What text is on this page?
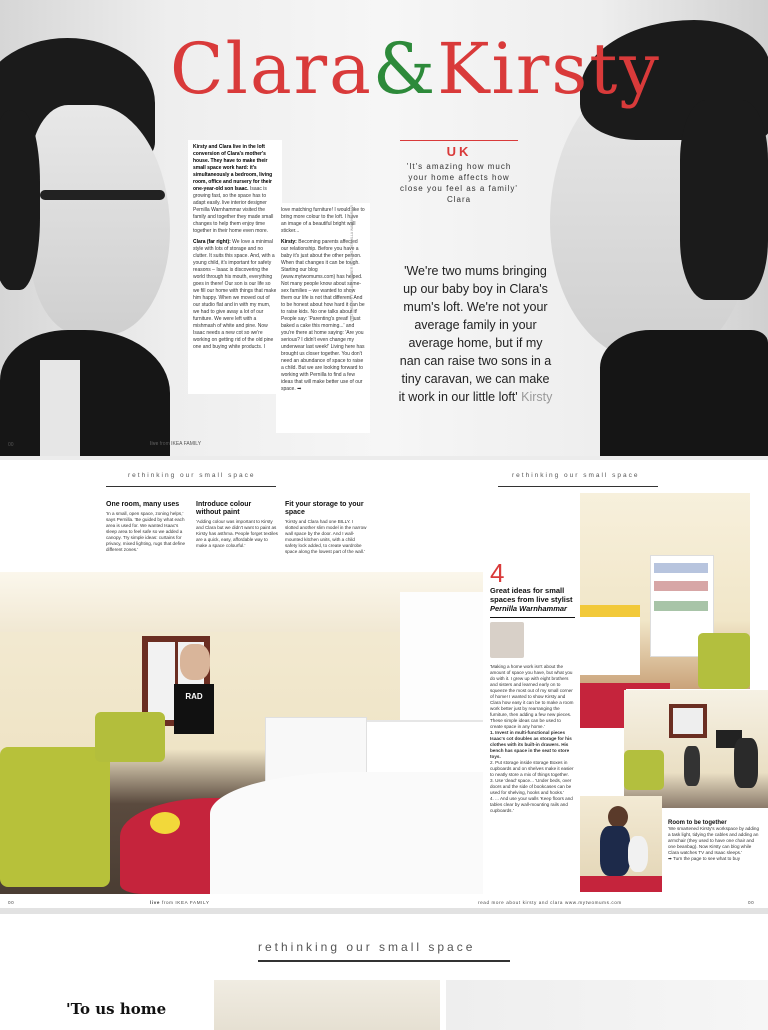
Clara&Kirsty
Kirsty and Clara live in the loft conversion of Clara's mother's house. They have to make their small space work hard: it's simultaneously a bedroom, living room, office and nursery for their one-year-old son Isaac. Isaac is growing fast, so the space has to adapt easily. live interior designer Pernilla Warnhammar visited the family and together they made small changes to help them enjoy time together in their home even more.
Clara (far right): We love a minimal style with lots of storage and no clutter. It suits this space. And, with a young child, it's important for safety reasons – Isaac is discovering the world through his mouth, everything goes in there! Our son is our life so we fill our home with things that make him happy. When we moved out of our studio flat and in with my mum, we had to give away a lot of our furniture. We were left with a mishmash of white and pine. Now Isaac needs a new cot so we're working on getting rid of the old pine one and buying white products. I
love matching furniture! I would like to bring more colour to the loft. I have an image of a beautiful bright wall sticker...
Kirsty: Becoming parents affected our relationship. Before you have a baby it's just about the other person. When that changes it can be tough. Starting our blog (www.mytwomums.com) has helped. Not many people know about same-sex families – we wanted to show them our life is not that different. And to be honest about how hard it can be to raise kids. No one talks about it! People say: 'Parenting's great! I just baked a cake this morning...' and you're there at home saying: 'Are you serious? I didn't even change my underwear last week!' Living here has brought us closer together. You don't need an abundance of space to raise a child. But we are looking forward to working with Pernilla to find a few ideas that will make better use of our space. ➡
PHOTOGRAPHY: BLAIR BAMBER STYLING: PERNILLA WARNHAMMAR
UK
'It's amazing how much your home affects how close you feel as a family' Clara
'We're two mums bringing up our baby boy in Clara's mum's loft. We're not your average family in your average home, but if my nan can raise two sons in a tiny caravan, we can make it work in our little loft' Kirsty
00	live from IKEA FAMILY
rethinking our small space	rethinking our small space
One room, many uses
'In a small, open space, zoning helps,' says Pernilla. 'Be guided by what each area is used for. We wanted Isaac's sleep area to feel safe so we added a canopy. Try simple ideas: curtains for privacy, mixed lighting, rugs that define different zones.'
Introduce colour without paint
'Adding colour was important to Kirsty and Clara but we didn't want to paint as Kirsty has asthma. People forget textiles are a quick, easy, affordable way to make a space colourful.'
Fit your storage to your space
'Kirsty and Clara had one BILLY. I slotted another slim model in the narrow wall space by the door. And I wall-mounted kitchen units, with a child safety lock added, to create wardrobe space along the lowest part of the wall.'
RAD
4
Great ideas for small spaces from live stylist Pernilla Warnhammar
'Making a home work isn't about the amount of space you have, but what you do with it. I grew up with eight brothers and sisters and learned early on to squeeze the most out of my small corner of home! I wanted to show Kirsty and Clara how easy it can be to make a room work better just by rearranging the furniture, then adding a few new pieces. These simple ideas can be used to create space in any home.'
1. Invest in multi-functional pieces Isaac's cot doubles as storage for his clothes with its built-in drawers. His bench has space in the seat to store toys.
2. Put storage inside storage Boxes in cupboards and on shelves make it easier to neatly store a mix of things together.
3. Use 'dead' space... 'Under beds, over doors and the side of bookcases can be used for shelving, hooks and hooks.'
4. ... And use your walls 'Keep floors and tables clear by wall-mounting rails and cupboards.'
Room to be together
'We smartened Kirsty's workspace by adding a task light, tidying the cables and adding an armchair (they used to have one chair and one beanbag). Now Kirsty can blog while Clara watches TV and Isaac sleeps.'
➡ Turn the page to see what to buy
00	live from IKEA FAMILY	read more about kirsty and clara www.mytwomums.com	00
rethinking our small space
'To us home
